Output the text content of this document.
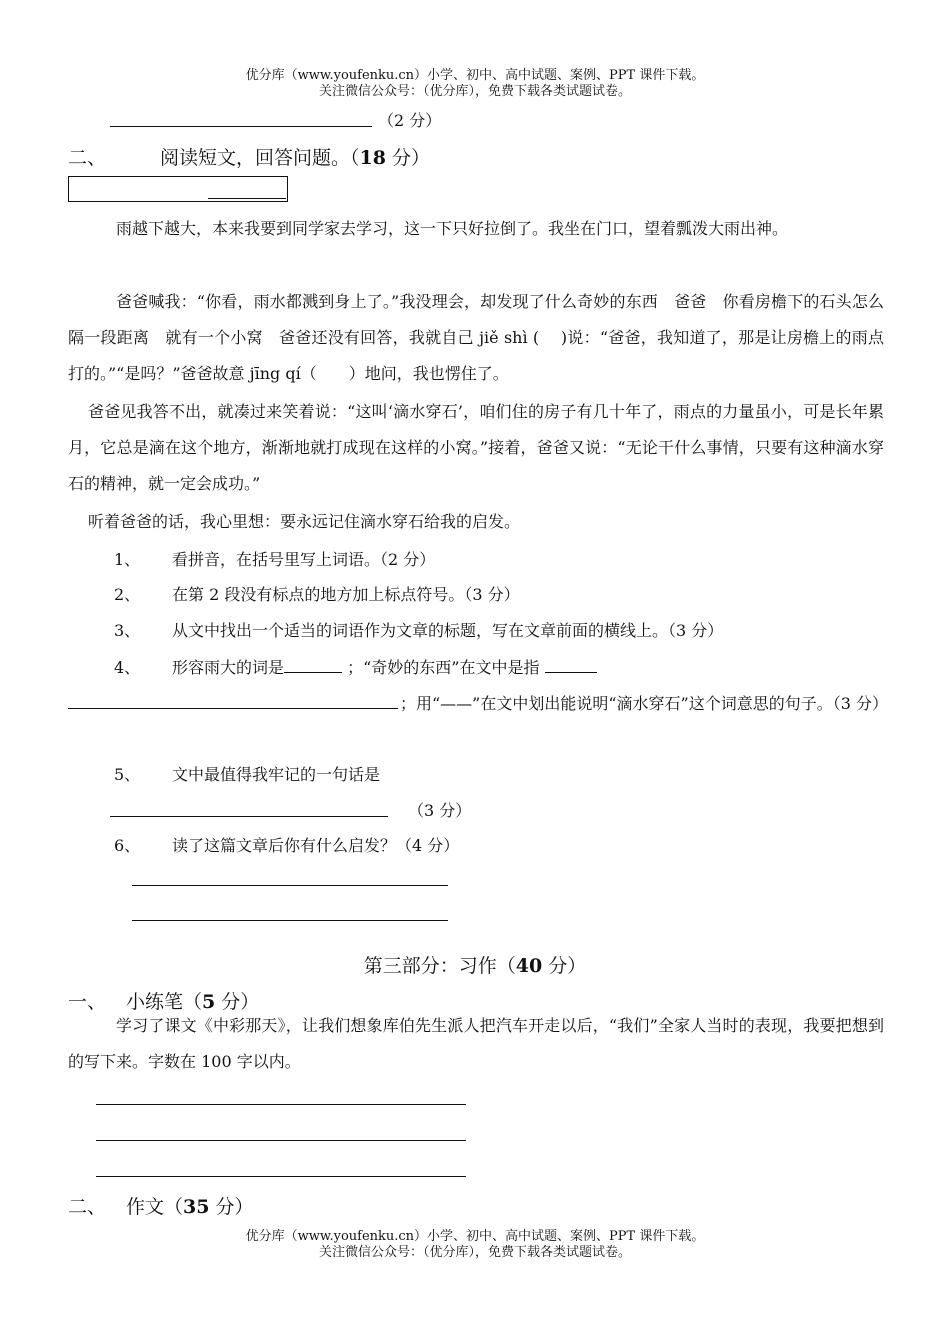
优分库（www.youfenku.cn）小学、初中、高中试题、案例、PPT 课件下载。
关注微信公众号：（优分库），免费下载各类试题试卷。
（2 分）
二、	阅读短文，回答问题。（18 分）
雨越下越大，本来我要到同学家去学习，这一下只好拉倒了。我坐在门口，望着瓢泼大雨出神。
爸爸喊我：“你看，雨水都溅到身上了。”我没理会，却发现了什么奇妙的东西　爸爸　你看房檐下的石头怎么隔一段距离　就有一个小窝　爸爸还没有回答，我就自己 jiě shì (　 )说：“爸爸，我知道了，那是让房檐上的雨点打的。”“是吗？”爸爸故意 jīng qí（　　）地问，我也愣住了。
爸爸见我答不出，就凑过来笑着说：“这叫‘滴水穿石’，咱们住的房子有几十年了，雨点的力量虽小，可是长年累月，它总是滴在这个地方，渐渐地就打成现在这样的小窝。”接着，爸爸又说：“无论干什么事情，只要有这种滴水穿石的精神，就一定会成功。”
听着爸爸的话，我心里想：要永远记住滴水穿石给我的启发。
1、 看拼音，在括号里写上词语。（2 分）
2、 在第 2 段没有标点的地方加上标点符号。（3 分）
3、 从文中找出一个适当的词语作为文章的标题，写在文章前面的横线上。（3 分）
4、 形容雨大的词是	；“奇妙的东西”在文中是指
；用“——”在文中划出能说明“滴水穿石”这个词意思的句子。（3 分）
5、 文中最值得我牢记的一句话是
（3 分）
6、 读了这篇文章后你有什么启发？（4 分）
第三部分：习作（40 分）
一、 小练笔（5 分）
学习了课文《中彩那天》，让我们想象库伯先生派人把汽车开走以后，“我们”全家人当时的表现，我要把想到的写下来。字数在 100 字以内。
二、 作文（35 分）
优分库（www.youfenku.cn）小学、初中、高中试题、案例、PPT 课件下载。
关注微信公众号：（优分库），免费下载各类试题试卷。
